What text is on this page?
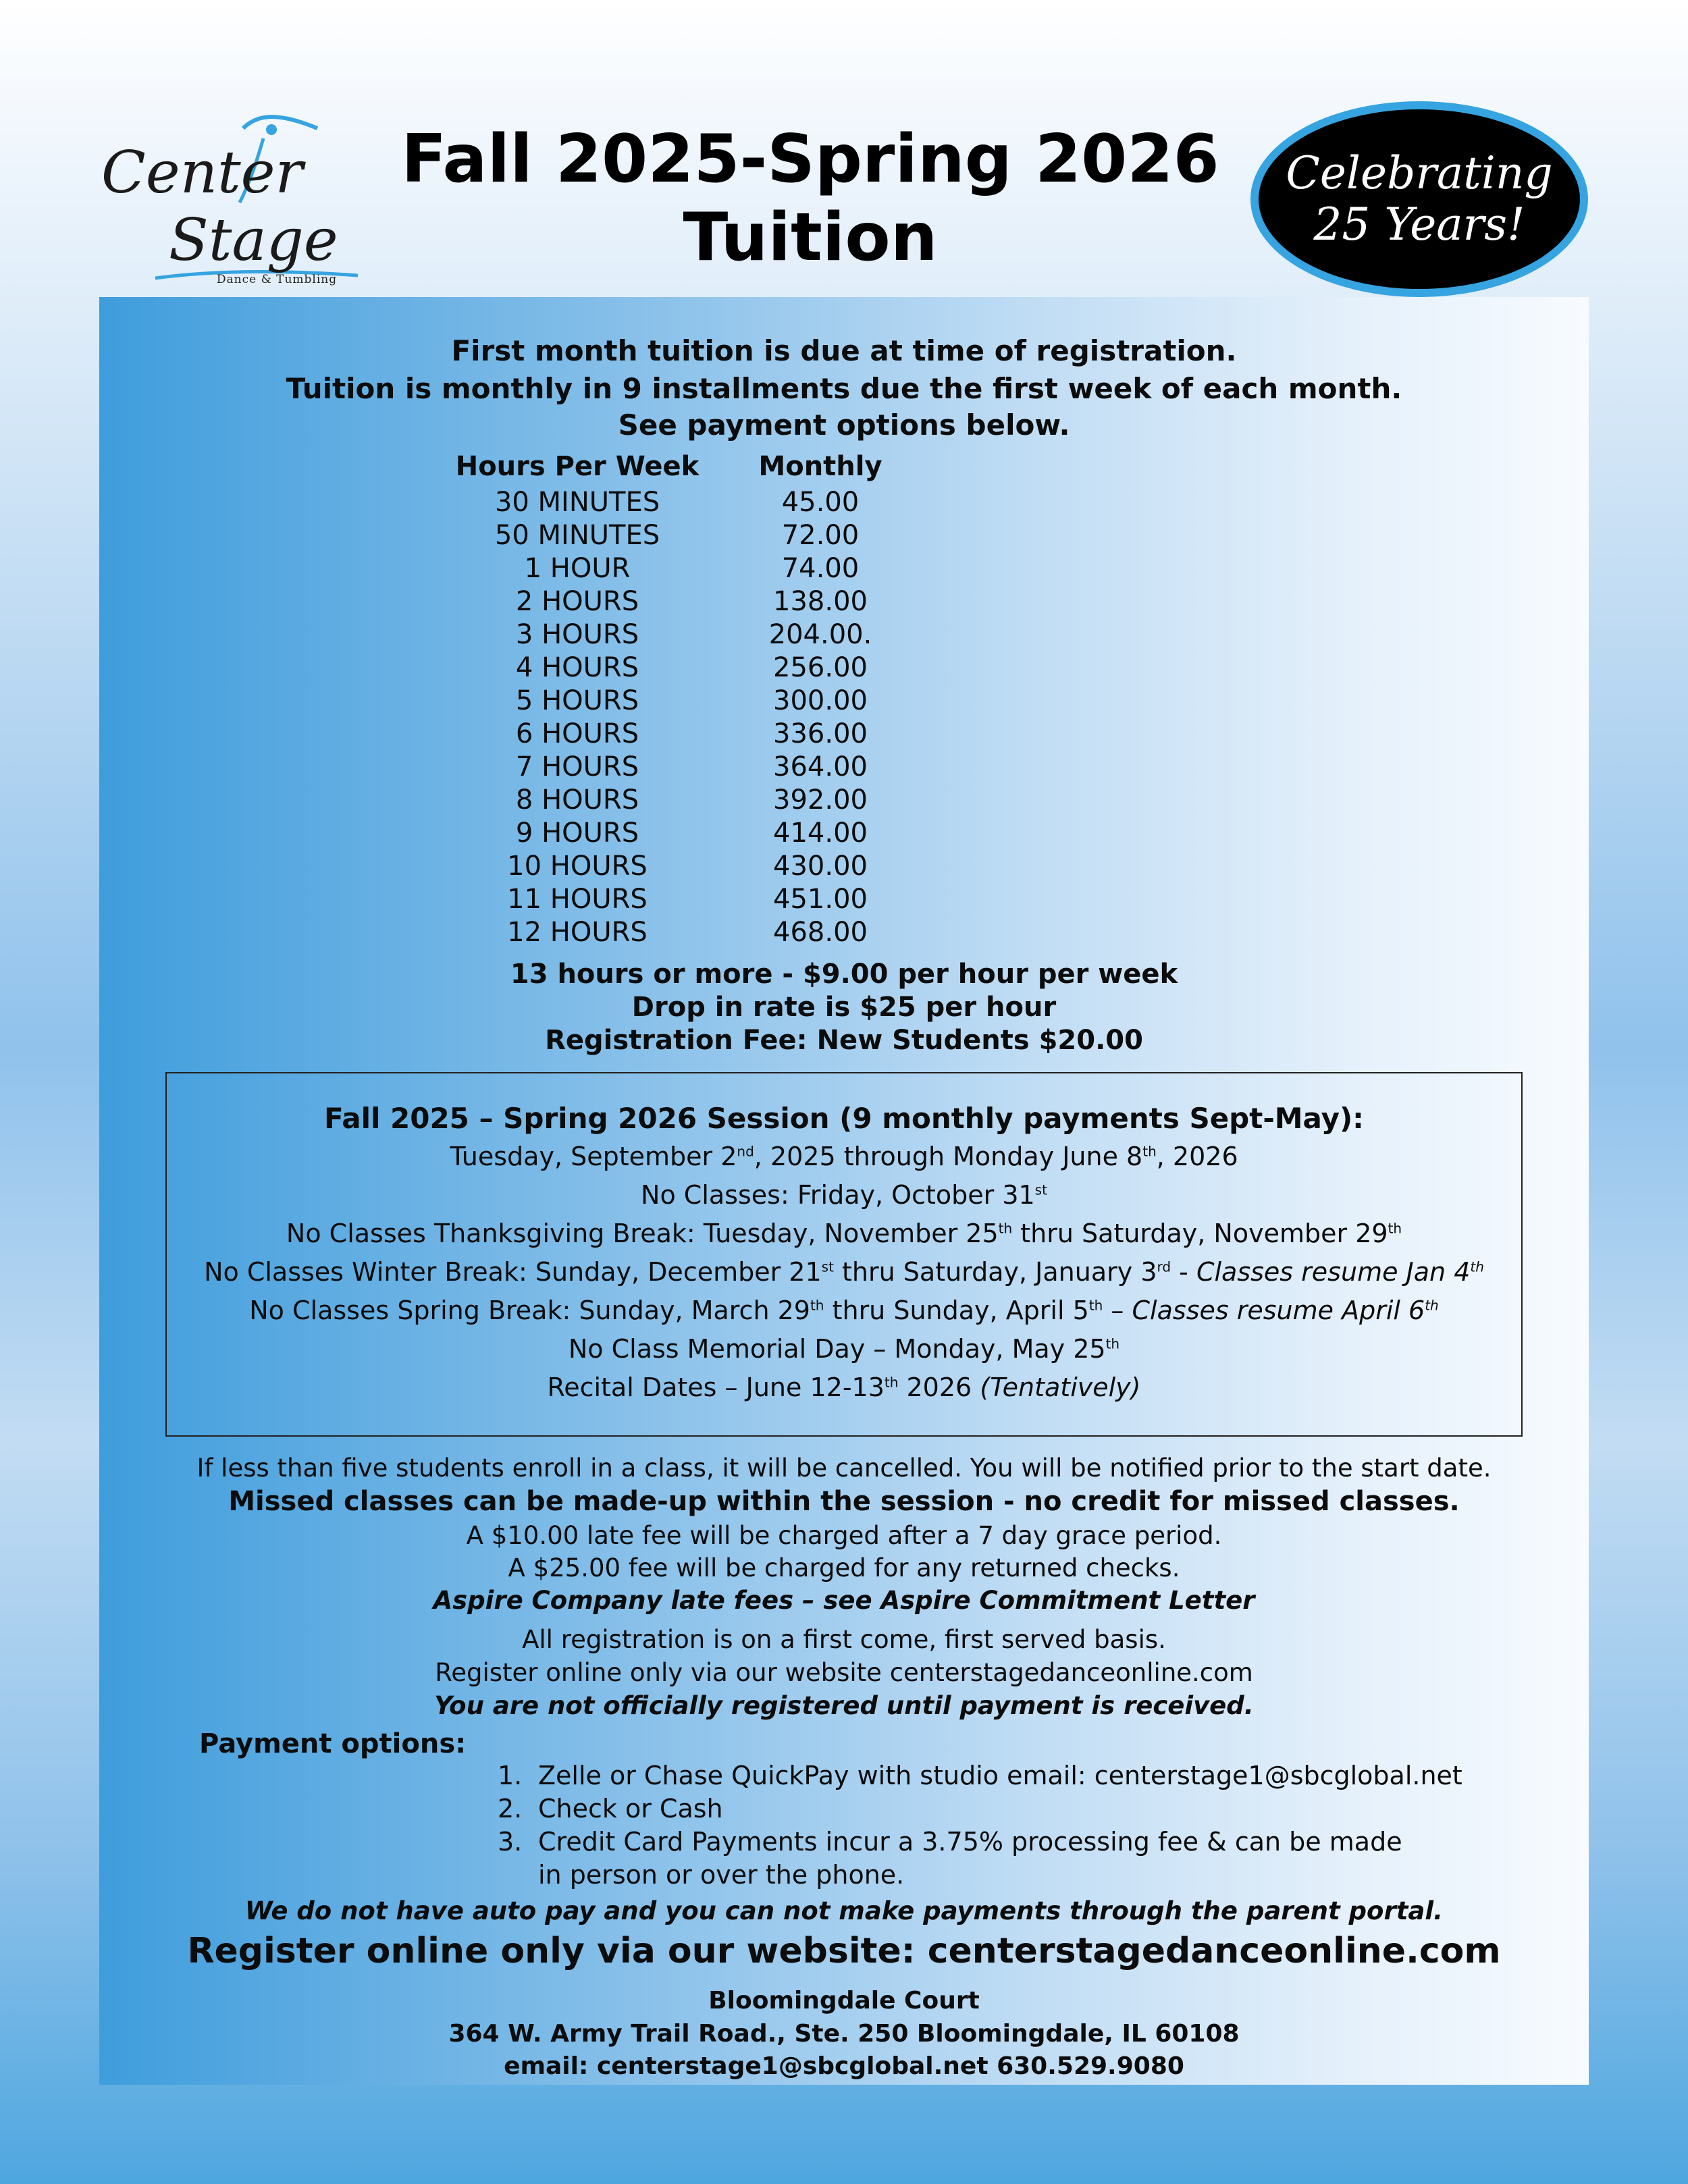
Center
Stage
Dance & Tumbling
Fall 2025-Spring 2026
Tuition
Celebrating
25 Years!
First month tuition is due at time of registration.
Tuition is monthly in 9 installments due the first week of each month.
See payment options below.
Hours Per Week	Monthly
30 MINUTES	45.00
50 MINUTES	72.00
1 HOUR	74.00
2 HOURS	138.00
3 HOURS	204.00.
4 HOURS	256.00
5 HOURS	300.00
6 HOURS	336.00
7 HOURS	364.00
8 HOURS	392.00
9 HOURS	414.00
10 HOURS	430.00
11 HOURS	451.00
12 HOURS	468.00
13 hours or more - $9.00 per hour per week
Drop in rate is $25 per hour
Registration Fee: New Students $20.00
Fall 2025 – Spring 2026 Session (9 monthly payments Sept-May):
Tuesday, September 2nd, 2025 through Monday June 8th, 2026
No Classes: Friday, October 31st
No Classes Thanksgiving Break: Tuesday, November 25th thru Saturday, November 29th
No Classes Winter Break: Sunday, December 21st thru Saturday, January 3rd - Classes resume Jan 4th
No Classes Spring Break: Sunday, March 29th thru Sunday, April 5th – Classes resume April 6th
No Class Memorial Day – Monday, May 25th
Recital Dates – June 12-13th 2026 (Tentatively)
If less than five students enroll in a class, it will be cancelled. You will be notified prior to the start date.
Missed classes can be made-up within the session - no credit for missed classes.
A $10.00 late fee will be charged after a 7 day grace period.
A $25.00 fee will be charged for any returned checks.
Aspire Company late fees – see Aspire Commitment Letter
All registration is on a first come, first served basis.
Register online only via our website centerstagedanceonline.com
You are not officially registered until payment is received.
Payment options:
1. Zelle or Chase QuickPay with studio email: centerstage1@sbcglobal.net
2. Check or Cash
3. Credit Card Payments incur a 3.75% processing fee & can be made
in person or over the phone.
We do not have auto pay and you can not make payments through the parent portal.
Register online only via our website: centerstagedanceonline.com
Bloomingdale Court
364 W. Army Trail Road., Ste. 250 Bloomingdale, IL 60108
email: centerstage1@sbcglobal.net 630.529.9080
